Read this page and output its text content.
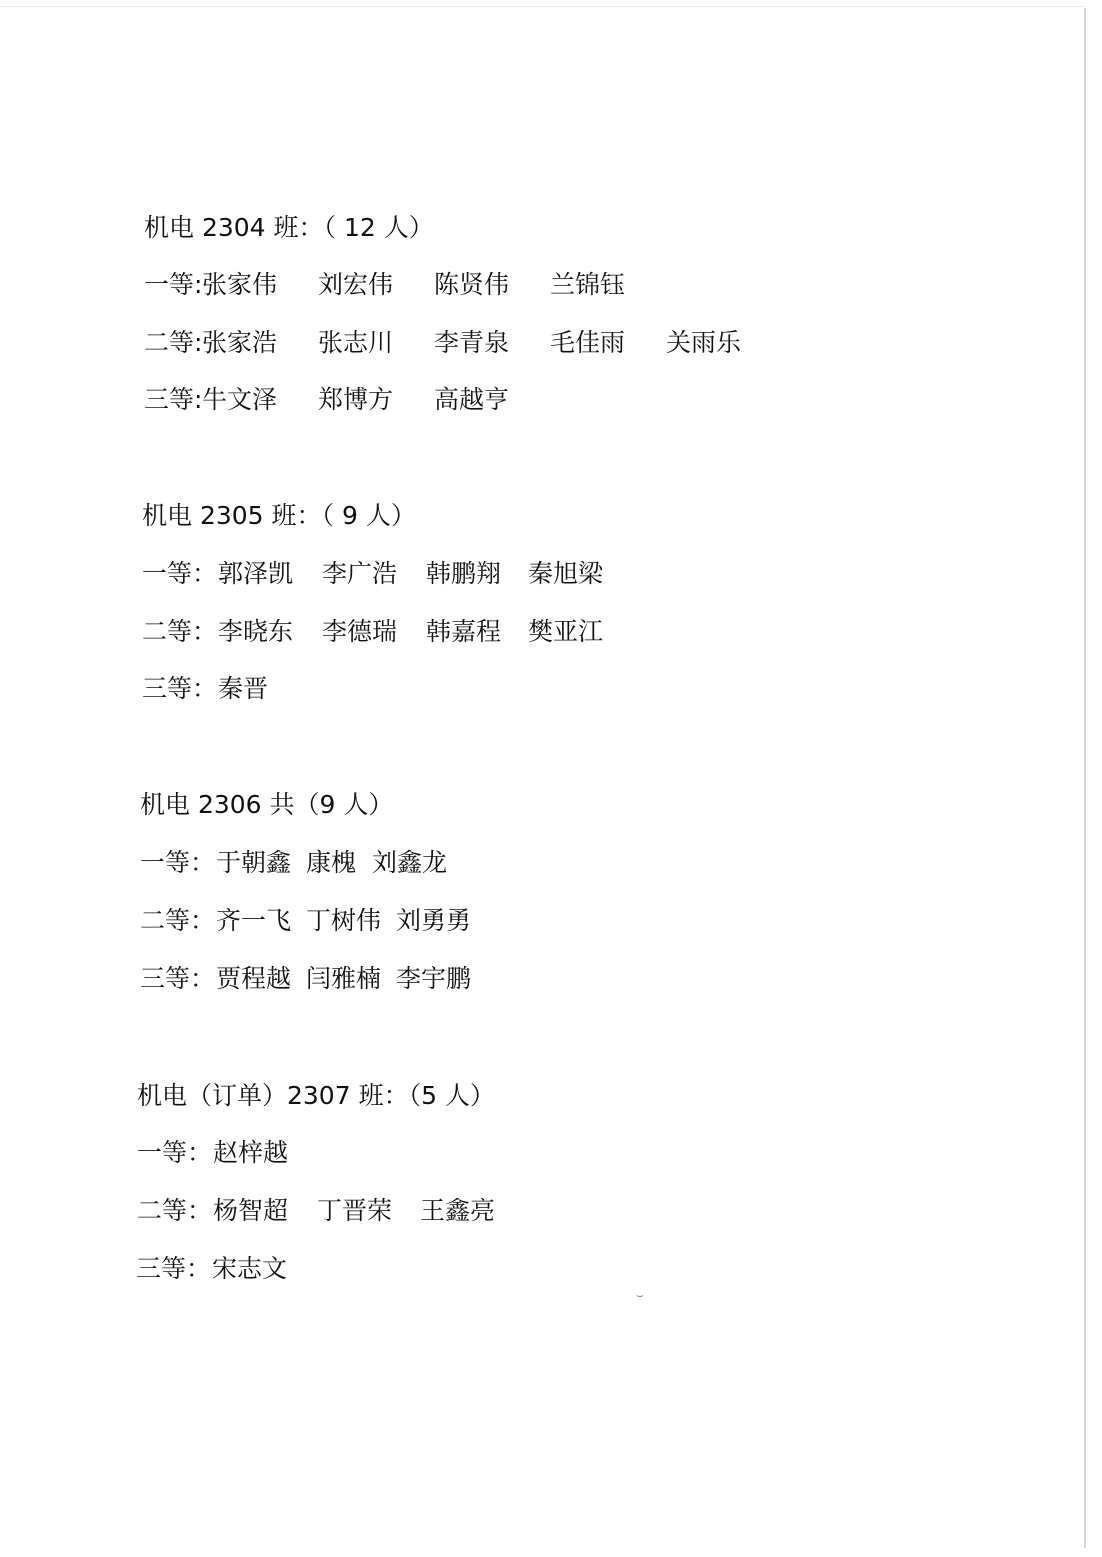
机电 2304 班：（ 12 人）
一等: 张家伟 刘宏伟 陈贤伟 兰锦钰
二等: 张家浩 张志川 李青泉 毛佳雨 关雨乐
三等: 牛文泽 郑博方 高越亨
机电 2305 班：（ 9 人）
一等： 郭泽凯 李广浩 韩鹏翔 秦旭梁
二等： 李晓东 李德瑞 韩嘉程 樊亚江
三等： 秦晋
机电 2306 共（9 人）
一等： 于朝鑫 康槐 刘鑫龙
二等： 齐一飞 丁树伟 刘勇勇
三等： 贾程越 闫雅楠 李宇鹏
机电（订单）2307 班：（5 人）
一等： 赵梓越
二等： 杨智超 丁晋荣 王鑫亮
三等： 宋志文
⌣
